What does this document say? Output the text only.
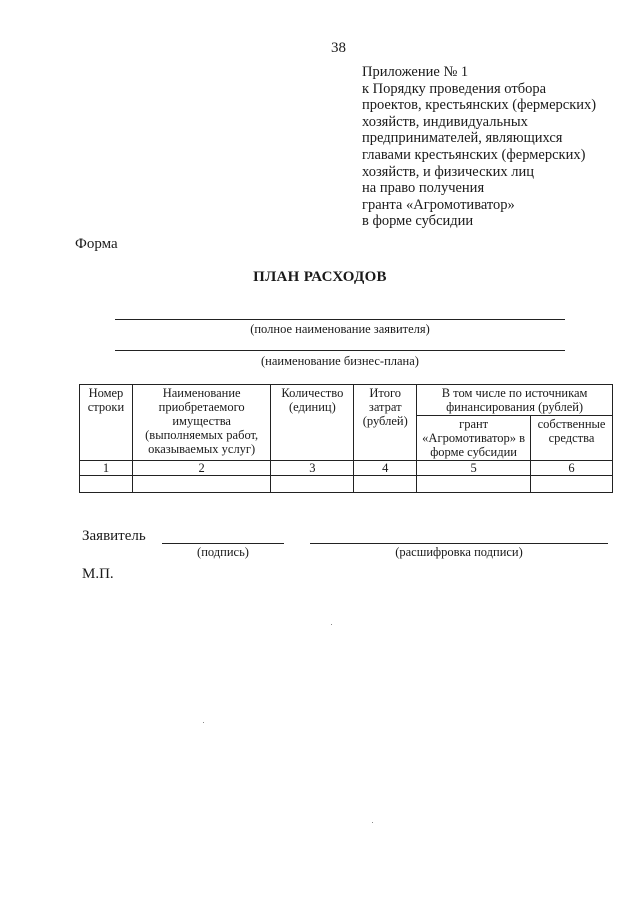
38
Приложение № 1
к Порядку проведения отбора
проектов, крестьянских (фермерских)
хозяйств, индивидуальных
предпринимателей, являющихся
главами крестьянских (фермерских)
хозяйств, и физических лиц
на право получения
гранта «Агромотиватор»
в форме субсидии
Форма
ПЛАН РАСХОДОВ
(полное наименование заявителя)
(наименование бизнес-плана)
Номер строки	Наименование приобретаемого имущества (выполняемых работ, оказываемых услуг)	Количество (единиц)	Итого затрат (рублей)	В том числе по источникам финансирования (рублей)	
				грант «Агромотиватор» в форме субсидии	собственные средства
1	2	3	4	5	6

Заявитель
(подпись)	(расшифровка подписи)
М.П.
